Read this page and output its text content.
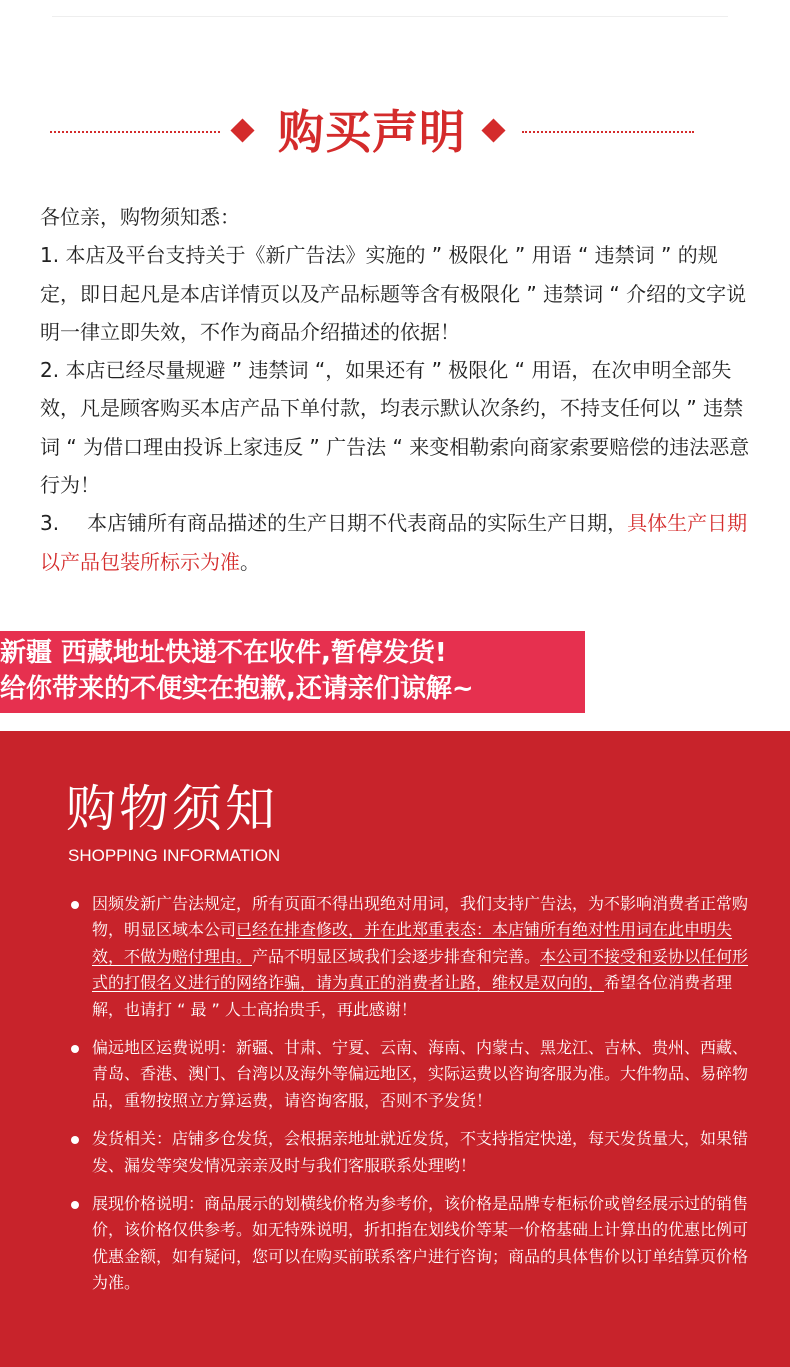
购买声明

各位亲，购物须知悉：

1. 本店及平台支持关于《新广告法》实施的 ” 极限化 ” 用语 “ 违禁词 ” 的规定，即日起凡是本店详情页以及产品标题等含有极限化 ” 违禁词 “ 介绍的文字说明一律立即失效，不作为商品介绍描述的依据！

2. 本店已经尽量规避 ” 违禁词 “，如果还有 ” 极限化 “ 用语，在次申明全部失效，凡是顾客购买本店产品下单付款，均表示默认次条约，不持支任何以 ” 违禁词 “ 为借口理由投诉上家违反 ” 广告法 “ 来变相勒索向商家索要赔偿的违法恶意行为！

3. 本店铺所有商品描述的生产日期不代表商品的实际生产日期，具体生产日期以产品包装所标示为准。

新疆 西藏地址快递不在收件,暂停发货!
给你带来的不便实在抱歉,还请亲们谅解~
购物须知
SHOPPING INFORMATION
因频发新广告法规定，所有页面不得出现绝对用词，我们支持广告法，为不影响消费者正常购物，明显区域本公司已经在排查修改，并在此郑重表态：本店铺所有绝对性用词在此申明失效，不做为赔付理由。产品不明显区域我们会逐步排查和完善。本公司不接受和妥协以任何形式的打假名义进行的网络诈骗，请为真正的消费者让路，维权是双向的，希望各位消费者理解，也请打 “ 最 ” 人士高抬贵手，再此感谢！
偏远地区运费说明：新疆、甘肃、宁夏、云南、海南、内蒙古、黑龙江、吉林、贵州、西藏、青岛、香港、澳门、台湾以及海外等偏远地区，实际运费以咨询客服为准。大件物品、易碎物品，重物按照立方算运费，请咨询客服，否则不予发货！
发货相关：店铺多仓发货，会根据亲地址就近发货，不支持指定快递，每天发货量大，如果错发、漏发等突发情况亲亲及时与我们客服联系处理哟！
展现价格说明：商品展示的划横线价格为参考价，该价格是品牌专柜标价或曾经展示过的销售价，该价格仅供参考。如无特殊说明，折扣指在划线价等某一价格基础上计算出的优惠比例可优惠金额，如有疑问，您可以在购买前联系客户进行咨询；商品的具体售价以订单结算页价格为准。
